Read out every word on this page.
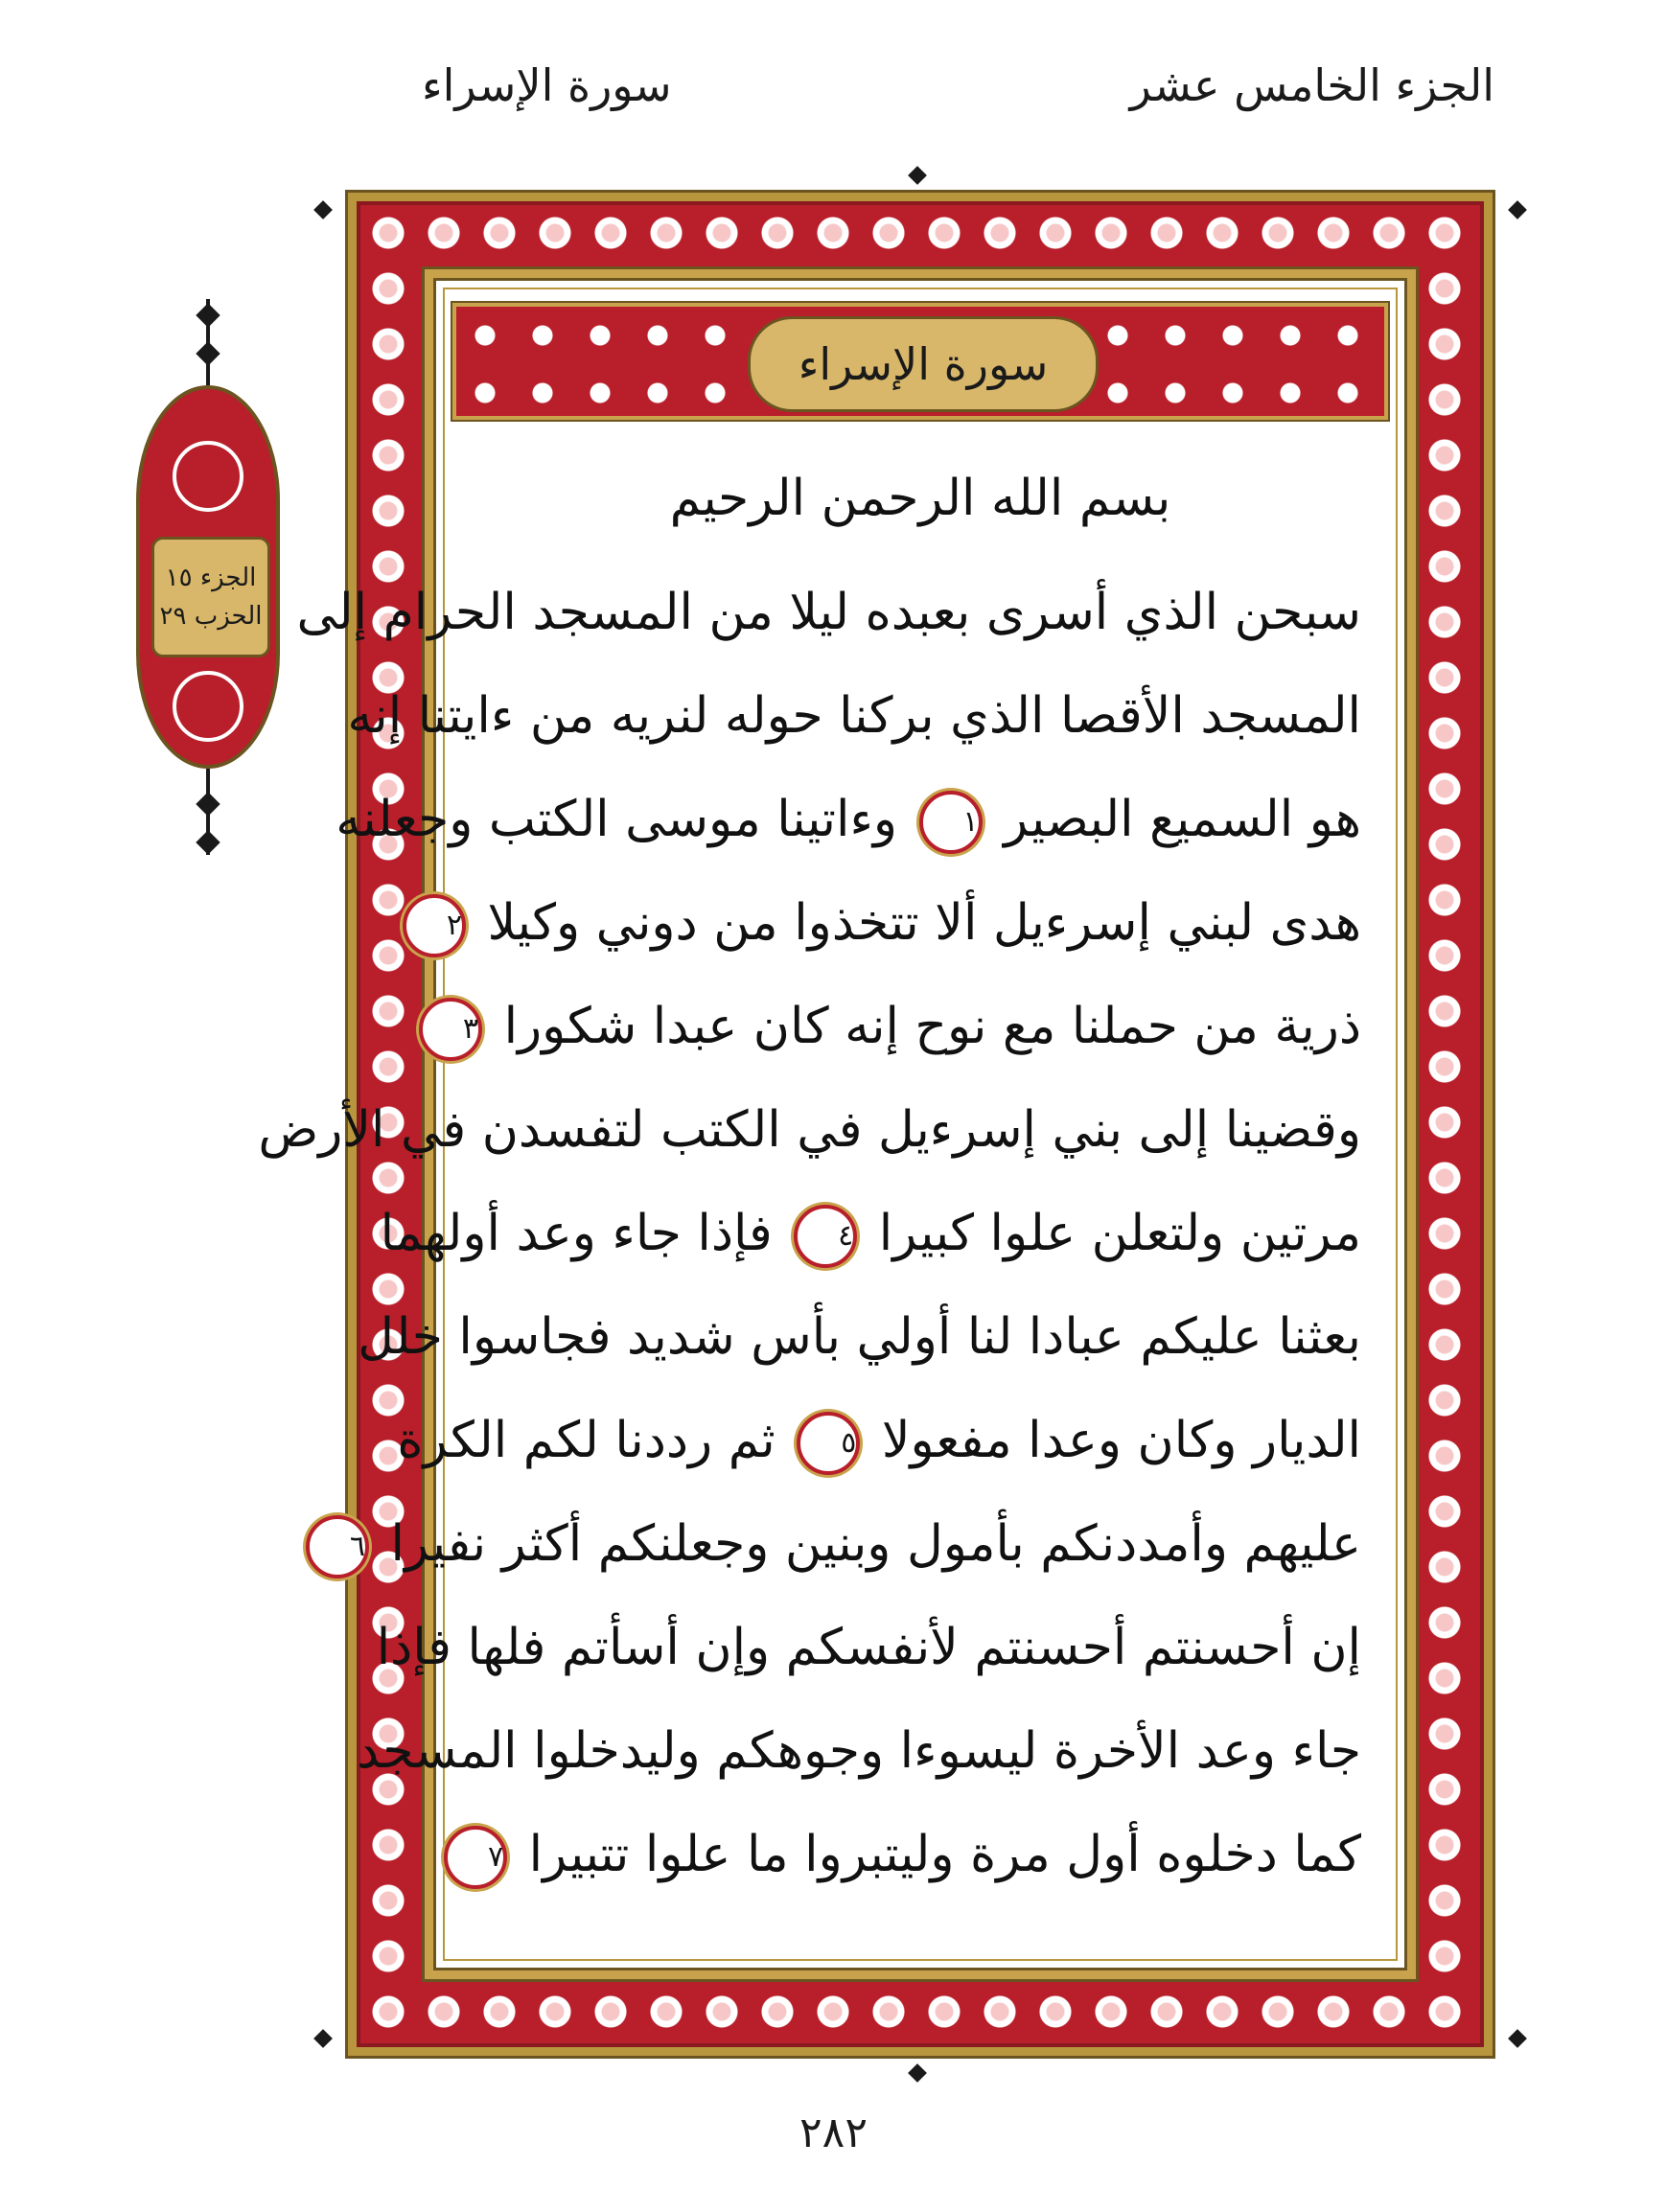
الجزء الخامس عشر
سورة الإسراء
الجزء ١٥
الحزب ٢٩
سورة الإسراء
بسم الله الرحمن الرحيم
سبحن الذي أسرى بعبده ليلا من المسجد الحرام إلى
المسجد الأقصا الذي بركنا حوله لنريه من ءايتنا إنه
هو السميع البصير ١ وءاتينا موسى الكتب وجعلنه
هدى لبني إسرءيل ألا تتخذوا من دوني وكيلا ٢
ذرية من حملنا مع نوح إنه كان عبدا شكورا ٣
وقضينا إلى بني إسرءيل في الكتب لتفسدن في الأرض
مرتين ولتعلن علوا كبيرا ٤ فإذا جاء وعد أولهما
بعثنا عليكم عبادا لنا أولي بأس شديد فجاسوا خلل
الديار وكان وعدا مفعولا ٥ ثم رددنا لكم الكرة
عليهم وأمددنكم بأمول وبنين وجعلنكم أكثر نفيرا ٦
إن أحسنتم أحسنتم لأنفسكم وإن أسأتم فلها فإذا
جاء وعد الأخرة ليسوءا وجوهكم وليدخلوا المسجد
كما دخلوه أول مرة وليتبروا ما علوا تتبيرا ٧
٢٨٢
